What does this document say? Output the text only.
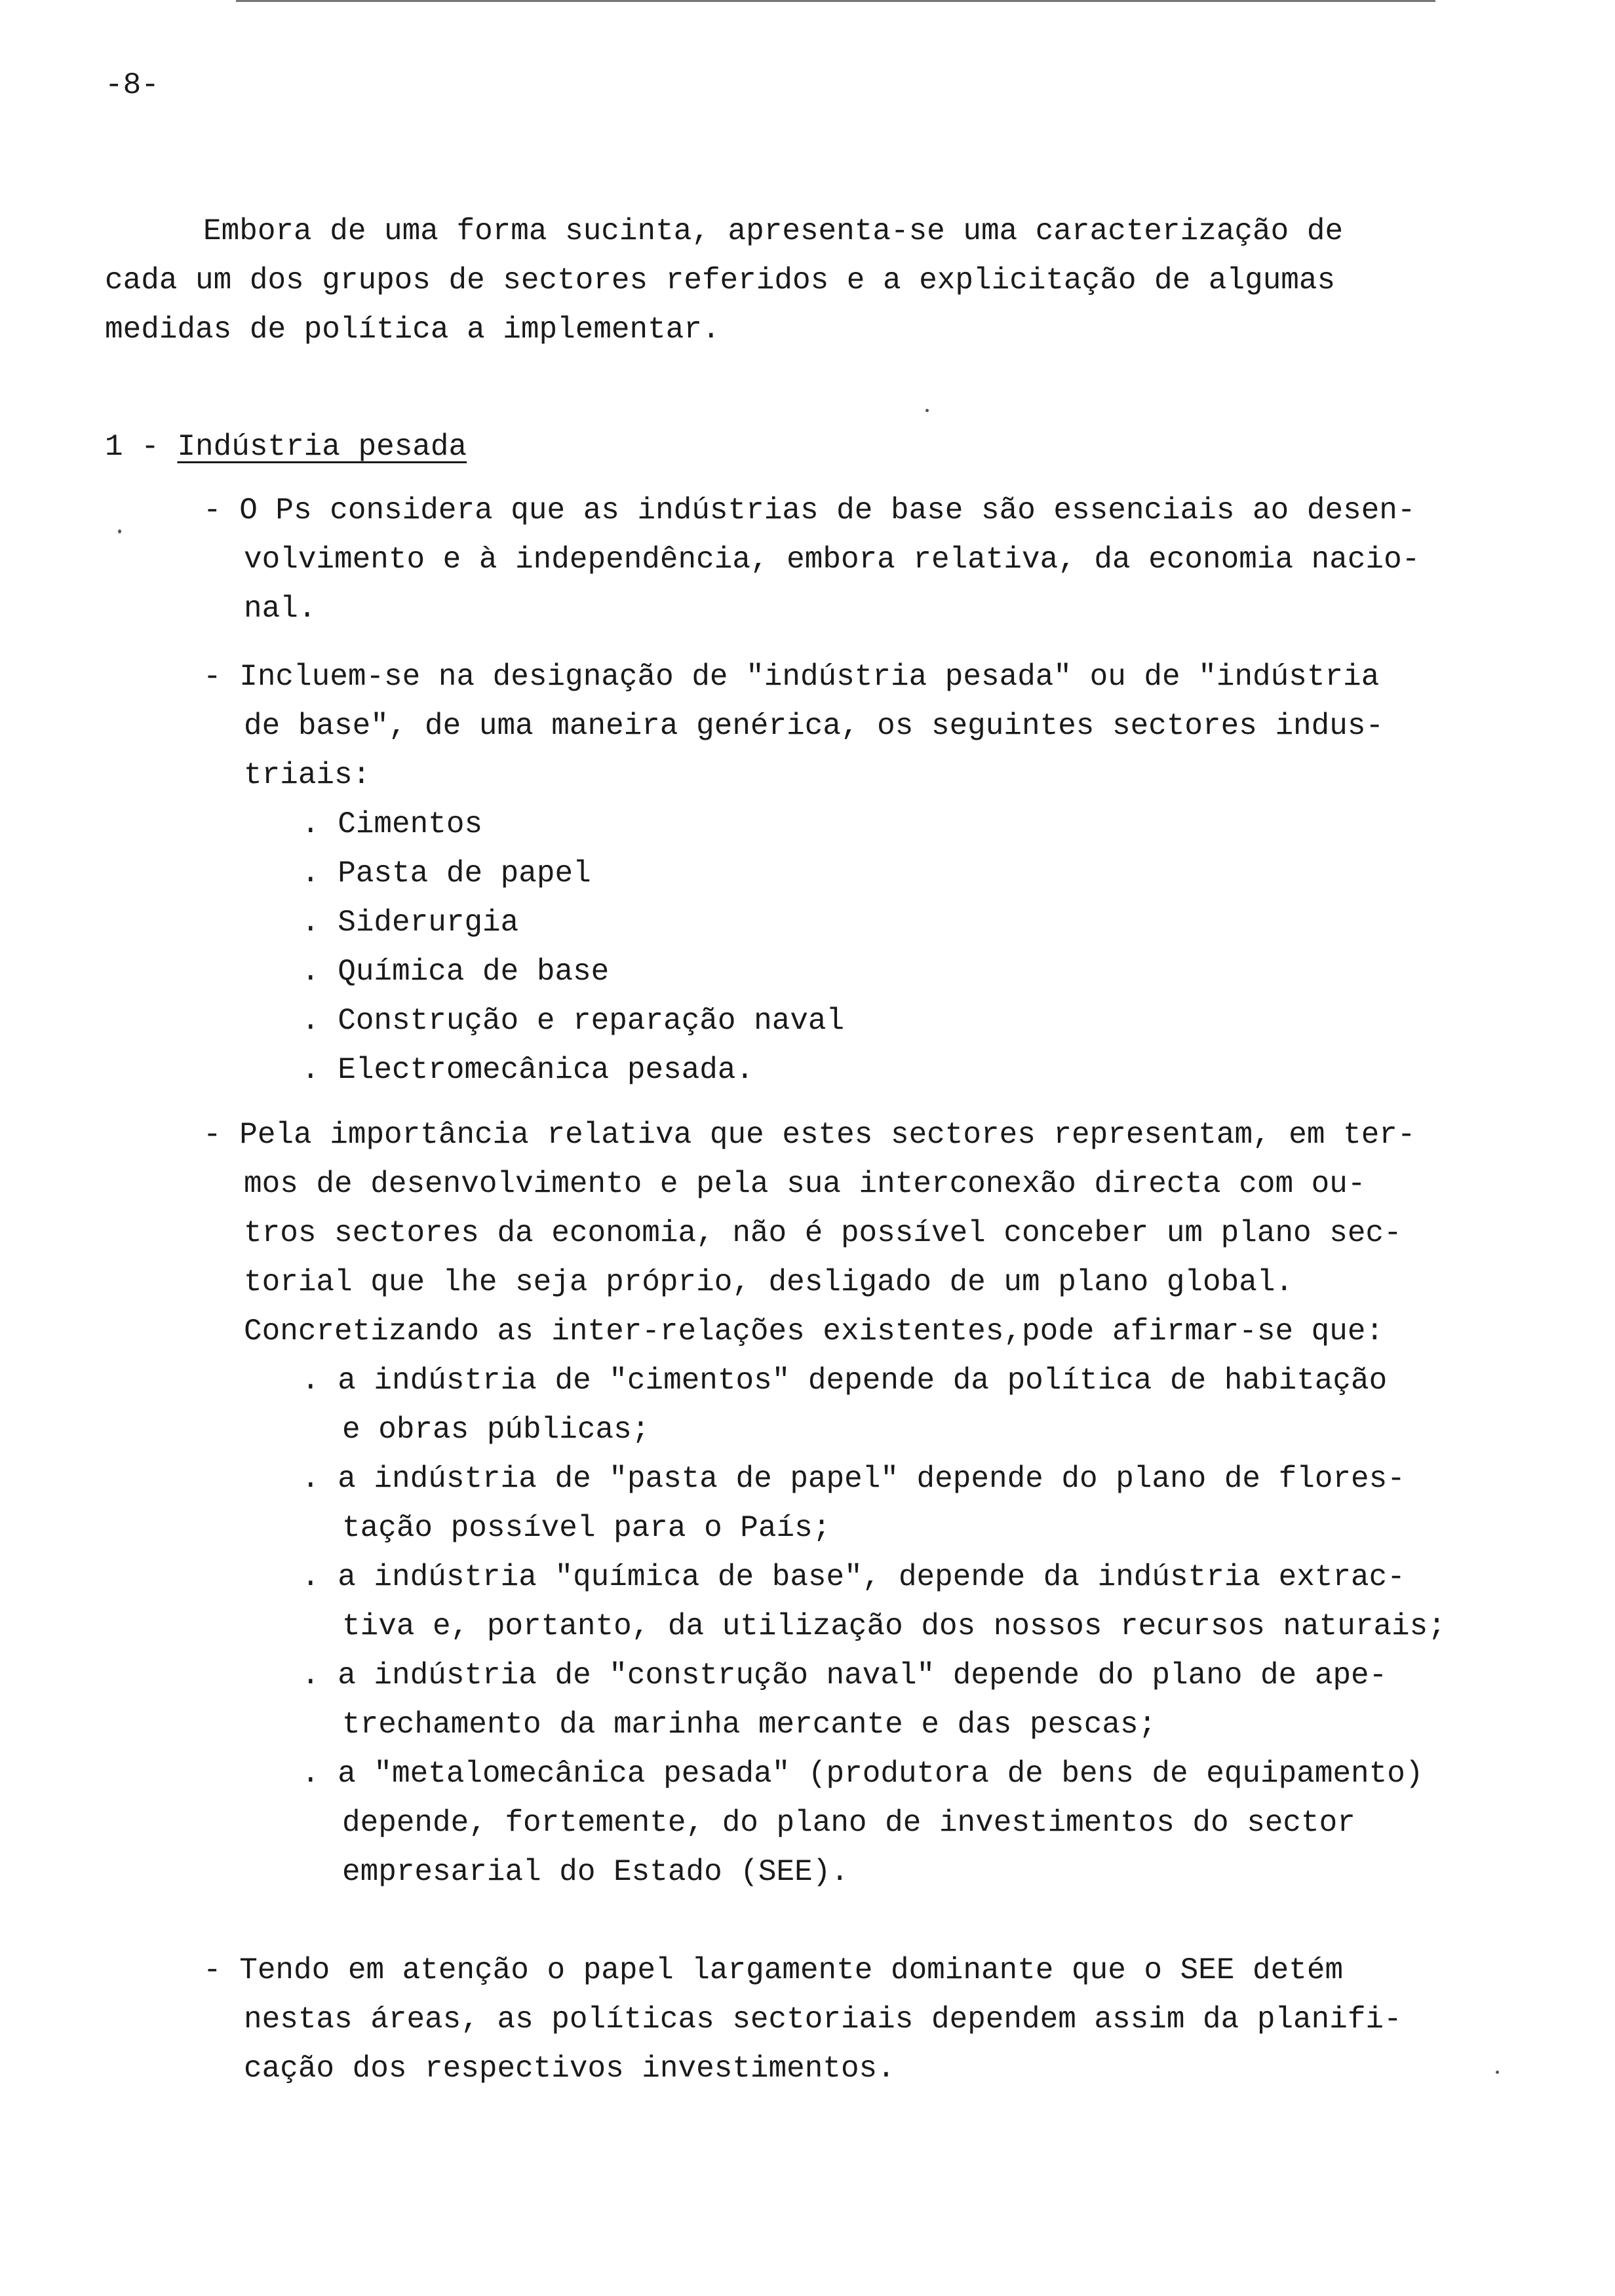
-8-
Embora de uma forma sucinta, apresenta-se uma caracterização de
cada um dos grupos de sectores referidos e a explicitação de algumas
medidas de política a implementar.
1 - Indústria pesada
- O Ps considera que as indústrias de base são essenciais ao desen-
volvimento e à independência, embora relativa, da economia nacio-
nal.
- Incluem-se na designação de "indústria pesada" ou de "indústria
de base", de uma maneira genérica, os seguintes sectores indus-
triais:
. Cimentos
. Pasta de papel
. Siderurgia
. Química de base
. Construção e reparação naval
. Electromecânica pesada.
- Pela importância relativa que estes sectores representam, em ter-
mos de desenvolvimento e pela sua interconexão directa com ou-
tros sectores da economia, não é possível conceber um plano sec-
torial que lhe seja próprio, desligado de um plano global.
Concretizando as inter-relações existentes,pode afirmar-se que:
. a indústria de "cimentos" depende da política de habitação
e obras públicas;
. a indústria de "pasta de papel" depende do plano de flores-
tação possível para o País;
. a indústria "química de base", depende da indústria extrac-
tiva e, portanto, da utilização dos nossos recursos naturais;
. a indústria de "construção naval" depende do plano de ape-
trechamento da marinha mercante e das pescas;
. a "metalomecânica pesada" (produtora de bens de equipamento)
depende, fortemente, do plano de investimentos do sector
empresarial do Estado (SEE).
- Tendo em atenção o papel largamente dominante que o SEE detém
nestas áreas, as políticas sectoriais dependem assim da planifi-
cação dos respectivos investimentos.
